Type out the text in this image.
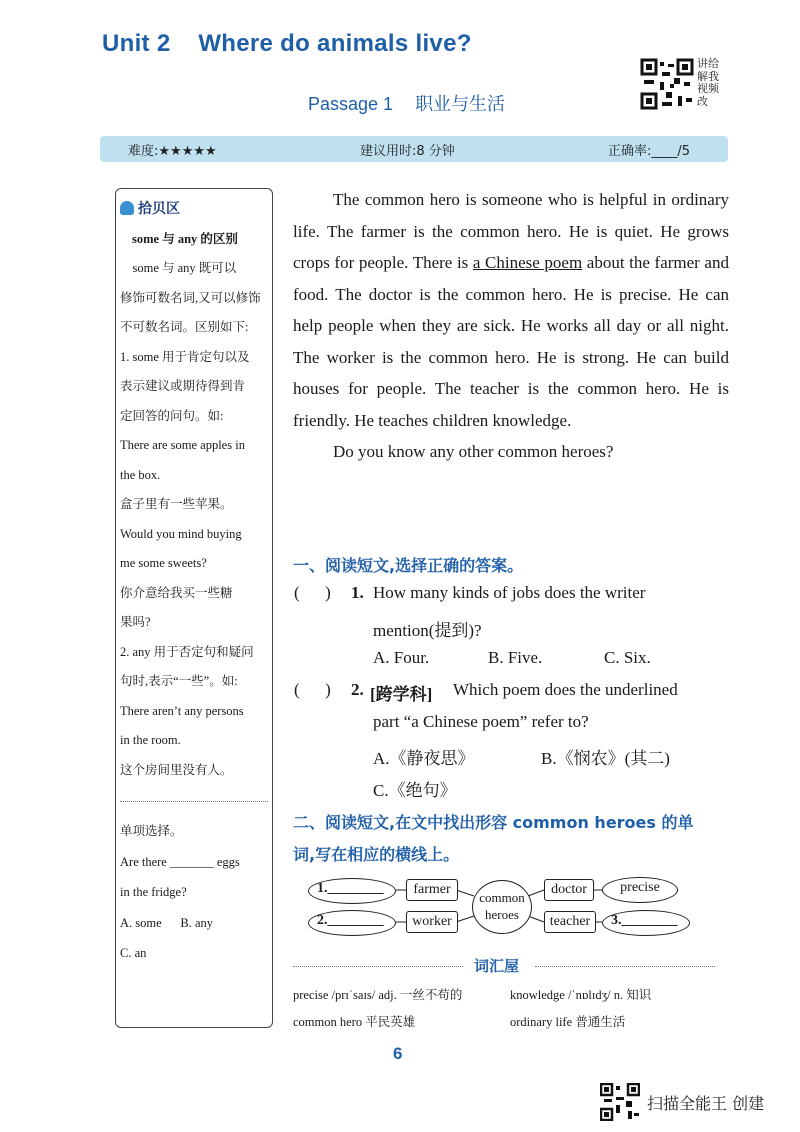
Unit 2    Where do animals live?
讲给
解我
视频
改
Passage 1 职业与生活
难度:★★★★★	建议用时:8 分钟	正确率:____/5
拾贝区
some 与 any 的区别
some 与 any 既可以
修饰可数名词,又可以修饰
不可数名词。区别如下:
1. some 用于肯定句以及
表示建议或期待得到肯
定回答的问句。如:
There are some apples in
the box.
盒子里有一些苹果。
Would you mind buying
me some sweets?
你介意给我买一些糖
果吗?
2. any 用于否定句和疑问
句时,表示“一些”。如:
There aren’t any persons
in the room.
这个房间里没有人。
单项选择。
Are there _______ eggs
in the fridge?
A. some      B. any
C. an

The common hero is someone who is helpful in ordinary life. The farmer is the common hero. He is quiet. He grows crops for people. There is a Chinese poem about the farmer and food. The doctor is the common hero. He is precise. He can help people when they are sick. He works all day or all night. The worker is the common hero. He is strong. He can build houses for people. The teacher is the common hero. He is friendly. He teaches children knowledge.

Do you know any other common heroes?

一、阅读短文,选择正确的答案。
(      ) 1. How many kinds of jobs does the writer
mention(提到)?
A. Four.	B. Five.	C. Six.
(      ) 2. [跨学科] Which poem does the underlined
part “a Chinese poem” refer to?
A.《静夜思》	B.《悯农》(其二)
C.《绝句》
二、阅读短文,在文中找出形容 common heroes 的单
词,写在相应的横线上。
1.________
2.________
farmer
worker
common
heroes
doctor
teacher
precise
3.________
词汇屋
precise /prɪˈsaɪs/ adj. 一丝不苟的	knowledge /ˈnɒlɪdʒ/ n. 知识
common hero 平民英雄	ordinary life 普通生活
6
扫描全能王 创建
